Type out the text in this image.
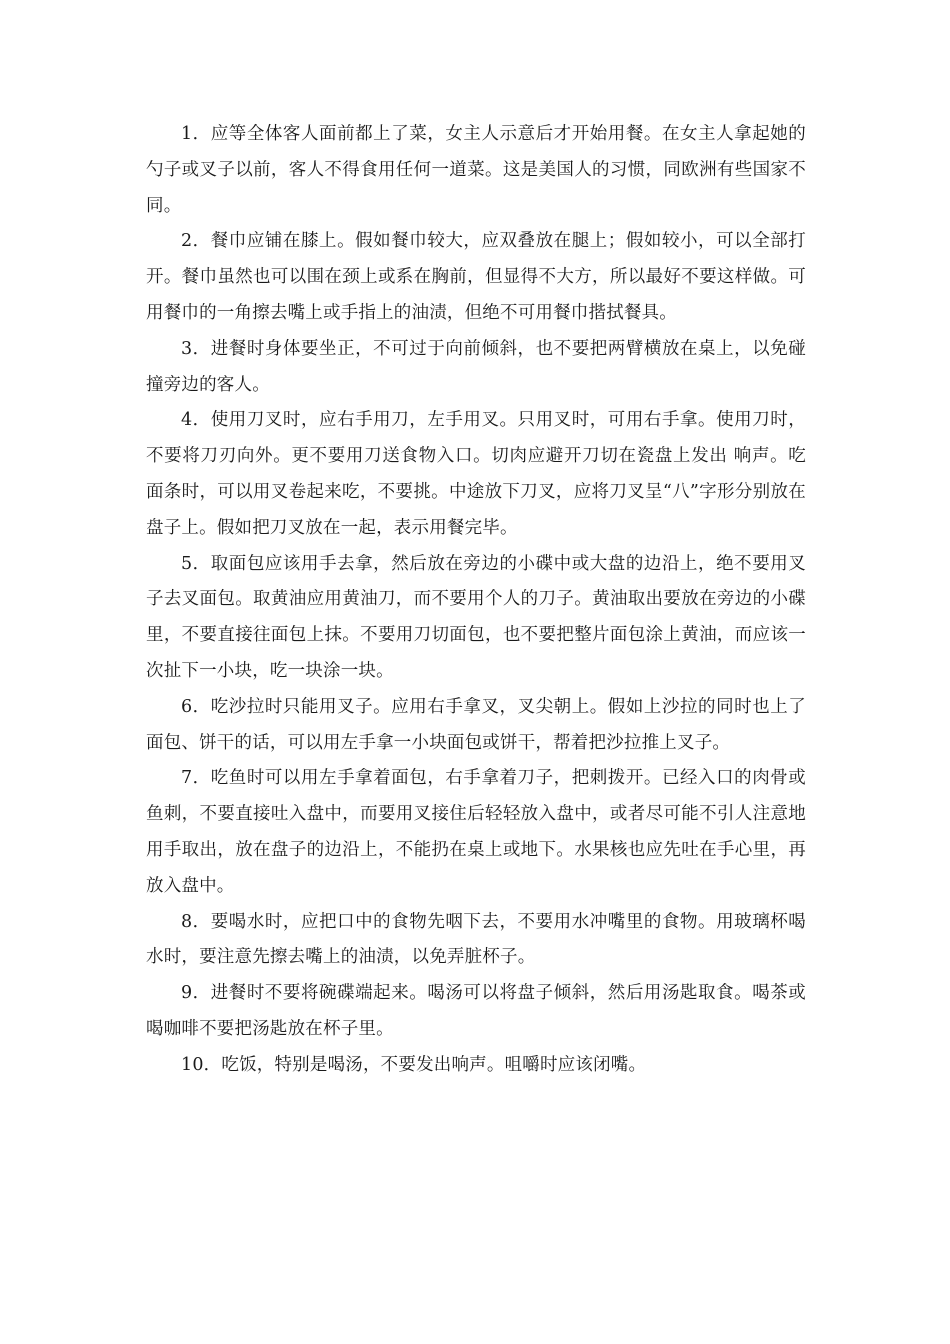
1．应等全体客人面前都上了菜，女主人示意后才开始用餐。在女主人拿起她的勺子或叉子以前，客人不得食用任何一道菜。这是美国人的习惯，同欧洲有些国家不同。

2．餐巾应铺在膝上。假如餐巾较大，应双叠放在腿上；假如较小，可以全部打开。餐巾虽然也可以围在颈上或系在胸前，但显得不大方，所以最好不要这样做。可用餐巾的一角擦去嘴上或手指上的油渍，但绝不可用餐巾揩拭餐具。

3．进餐时身体要坐正，不可过于向前倾斜，也不要把两臂横放在桌上，以免碰撞旁边的客人。

4．使用刀叉时，应右手用刀，左手用叉。只用叉时，可用右手拿。使用刀时，不要将刀刃向外。更不要用刀送食物入口。切肉应避开刀切在瓷盘上发出 响声。吃面条时，可以用叉卷起来吃，不要挑。中途放下刀叉，应将刀叉呈“八”字形分别放在盘子上。假如把刀叉放在一起，表示用餐完毕。

5．取面包应该用手去拿，然后放在旁边的小碟中或大盘的边沿上，绝不要用叉子去叉面包。取黄油应用黄油刀，而不要用个人的刀子。黄油取出要放在旁边的小碟里，不要直接往面包上抹。不要用刀切面包，也不要把整片面包涂上黄油，而应该一次扯下一小块，吃一块涂一块。

6．吃沙拉时只能用叉子。应用右手拿叉，叉尖朝上。假如上沙拉的同时也上了面包、饼干的话，可以用左手拿一小块面包或饼干，帮着把沙拉推上叉子。

7．吃鱼时可以用左手拿着面包，右手拿着刀子，把刺拨开。已经入口的肉骨或鱼刺，不要直接吐入盘中，而要用叉接住后轻轻放入盘中，或者尽可能不引人注意地用手取出，放在盘子的边沿上，不能扔在桌上或地下。水果核也应先吐在手心里，再放入盘中。

8．要喝水时，应把口中的食物先咽下去，不要用水冲嘴里的食物。用玻璃杯喝水时，要注意先擦去嘴上的油渍，以免弄脏杯子。

9．进餐时不要将碗碟端起来。喝汤可以将盘子倾斜，然后用汤匙取食。喝茶或喝咖啡不要把汤匙放在杯子里。

10．吃饭，特别是喝汤，不要发出响声。咀嚼时应该闭嘴。
